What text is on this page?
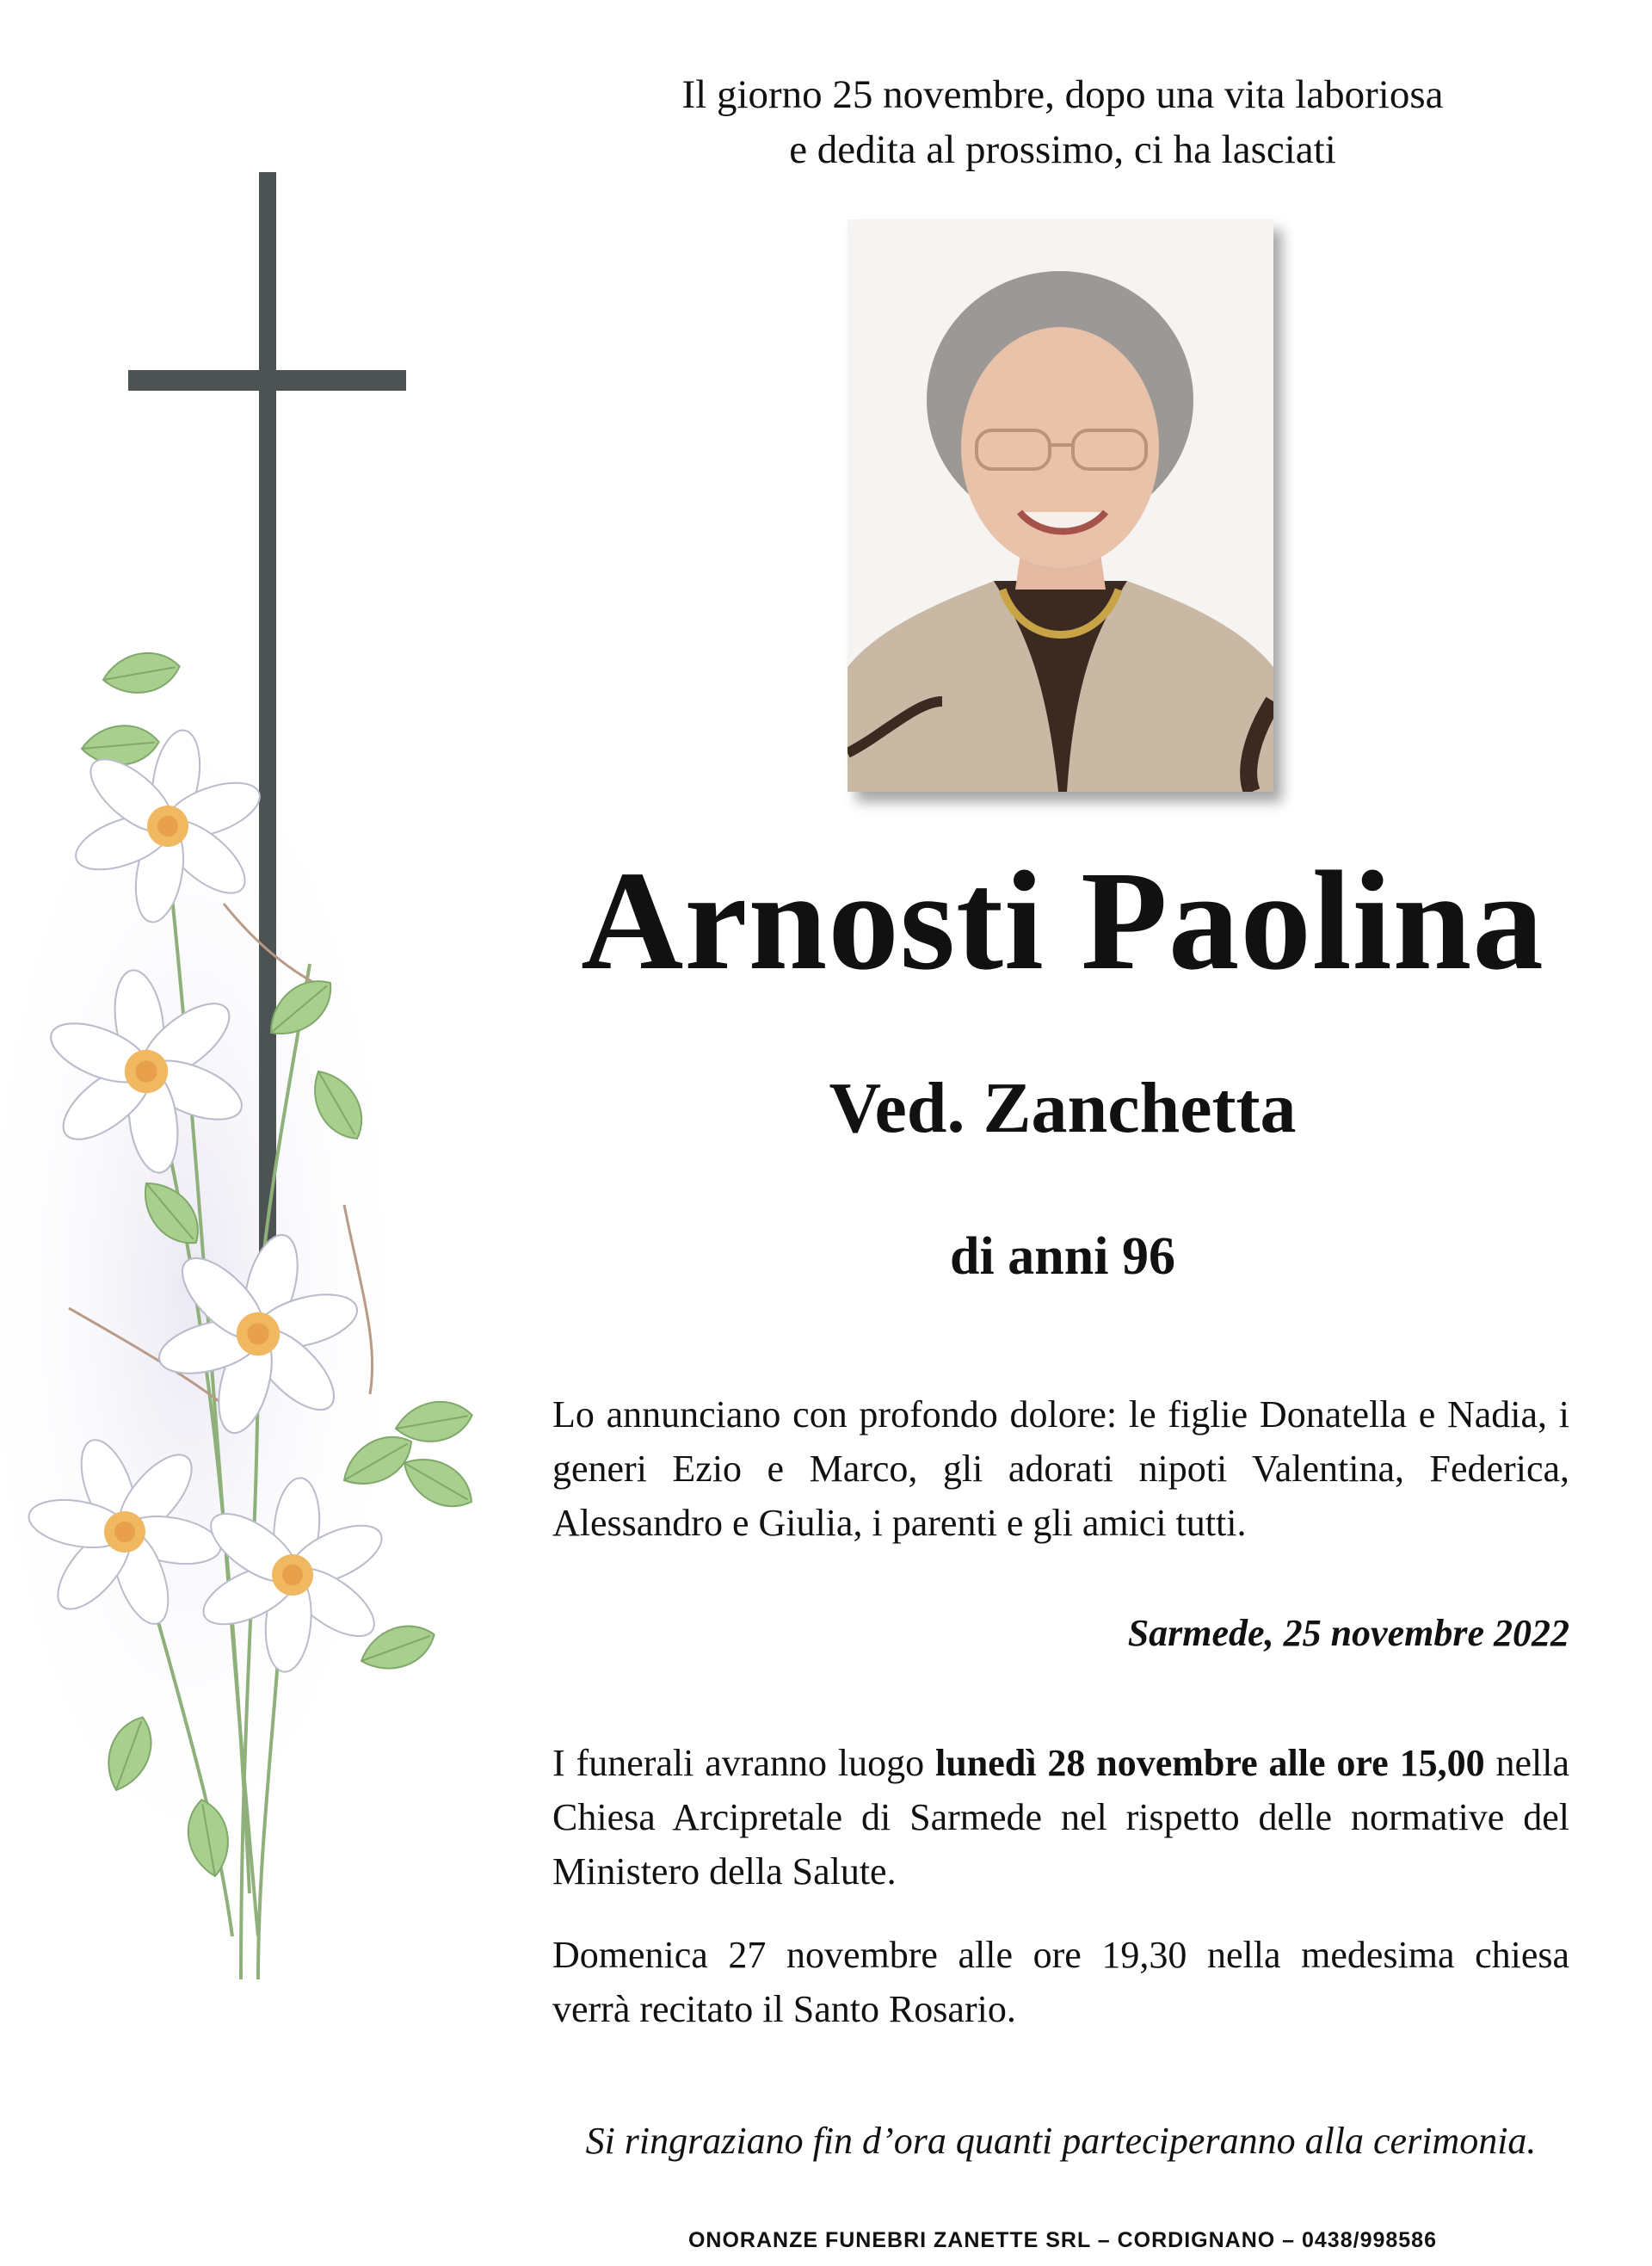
Il giorno 25 novembre, dopo una vita laboriosa
e dedita al prossimo, ci ha lasciati
Arnosti Paolina
Ved. Zanchetta
di anni 96
Lo annunciano con profondo dolore: le figlie Donatella e Nadia, i generi Ezio e Marco, gli adorati nipoti Valentina, Federica, Alessandro e Giulia, i parenti e gli amici tutti.
Sarmede, 25 novembre 2022
I funerali avranno luogo lunedì 28 novembre alle ore 15,00 nella Chiesa Arcipretale di Sarmede nel rispetto delle normative del Ministero della Salute.
Domenica 27 novembre alle ore 19,30 nella medesima chiesa verrà recitato il Santo Rosario.
Si ringraziano fin d’ora quanti parteciperanno alla cerimonia.
ONORANZE FUNEBRI ZANETTE SRL – CORDIGNANO – 0438/998586
